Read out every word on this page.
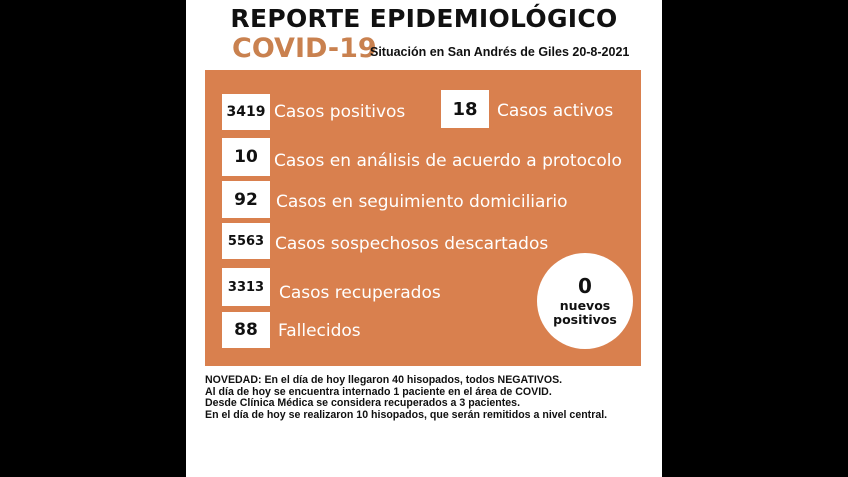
REPORTE EPIDEMIOLÓGICO
COVID-19
Situación en San Andrés de Giles 20-8-2021
3419 Casos positivos	18	Casos activos
10 Casos en análisis de acuerdo a protocolo
92	Casos en seguimiento domiciliario
5563 Casos sospechosos descartados
3313 Casos recuperados
88	Fallecidos
0
nuevos
positivos
NOVEDAD: En el día de hoy llegaron 40 hisopados, todos NEGATIVOS.
Al día de hoy se encuentra internado 1 paciente en el área de COVID.
Desde Clínica Médica se considera recuperados a 3 pacientes.
En el día de hoy se realizaron 10 hisopados, que serán remitidos a nivel central.
